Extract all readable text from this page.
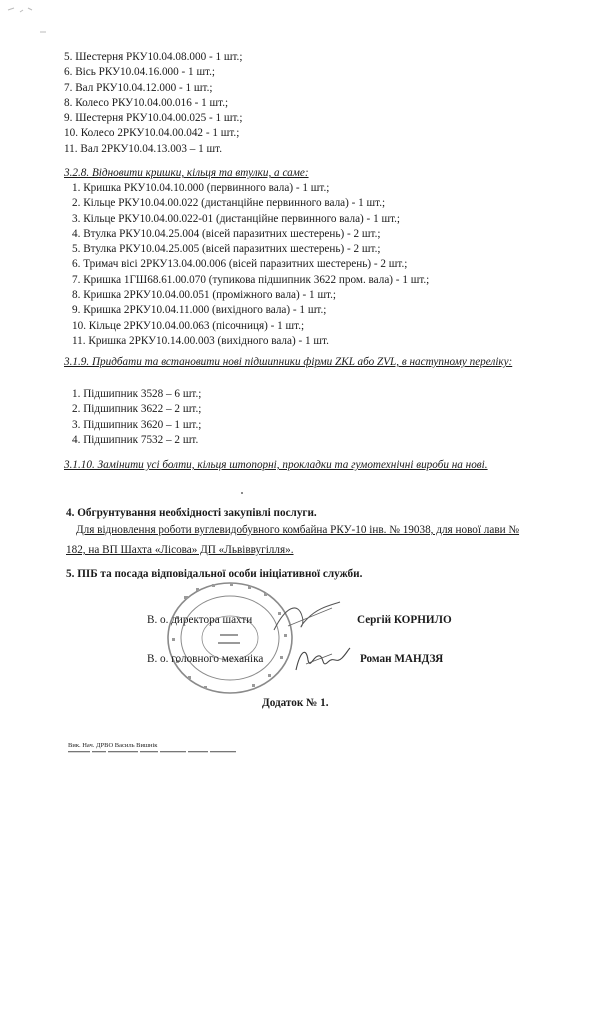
5. Шестерня РКУ10.04.08.000 - 1 шт.;
6. Вісь РКУ10.04.16.000 - 1 шт.;
7. Вал РКУ10.04.12.000 - 1 шт.;
8. Колесо РКУ10.04.00.016 - 1 шт.;
9. Шестерня РКУ10.04.00.025 - 1 шт.;
10. Колесо 2РКУ10.04.00.042 - 1 шт.;
11. Вал 2РКУ10.04.13.003 – 1 шт.

3.2.8. Відновити кришки, кільця та втулки, а саме:

1. Кришка РКУ10.04.10.000 (первинного вала) - 1 шт.;
2. Кільце РКУ10.04.00.022 (дистанційне первинного вала) - 1 шт.;
3. Кільце РКУ10.04.00.022-01 (дистанційне первинного вала) - 1 шт.;
4. Втулка РКУ10.04.25.004 (вісей паразитних шестерень) - 2 шт.;
5. Втулка РКУ10.04.25.005 (вісей паразитних шестерень) - 2 шт.;
6. Тримач вісі 2РКУ13.04.00.006 (вісей паразитних шестерень) - 2 шт.;
7. Кришка 1ГШ68.61.00.070 (тупикова підшипник 3622 пром. вала) - 1 шт.;
8. Кришка 2РКУ10.04.00.051 (проміжного вала) - 1 шт.;
9. Кришка 2РКУ10.04.11.000 (вихідного вала) - 1 шт.;
10. Кільце 2РКУ10.04.00.063 (пісочниця) - 1 шт.;
11. Кришка 2РКУ10.14.00.003 (вихідного вала) - 1 шт.

3.1.9. Придбати та встановити нові підшипники фірми ZKL або ZVL, в наступному переліку:

1. Підшипник 3528 – 6 шт.;
2. Підшипник 3622 – 2 шт.;
3. Підшипник 3620 – 1 шт.;
4. Підшипник 7532 – 2 шт.

3.1.10. Замінити усі болти, кільця штопорні, прокладки та гумотехнічні вироби на нові.

4. Обгрунтування необхідності закупівлі послуги.

Для відновлення роботи вуглевидобувного комбайна РКУ-10 інв. № 19038, для нової лави № 182, на ВП Шахта «Лісова» ДП «Львіввугілля».

5. ПІБ та посада відповідальної особи ініціативної служби.

В. о. директора шахти	Сергій КОРНИЛО
В. о. головного механіка	Роман МАНДЗЯ
Додаток № 1.
Вик. Нач. ДРВО Василь Вишнік
